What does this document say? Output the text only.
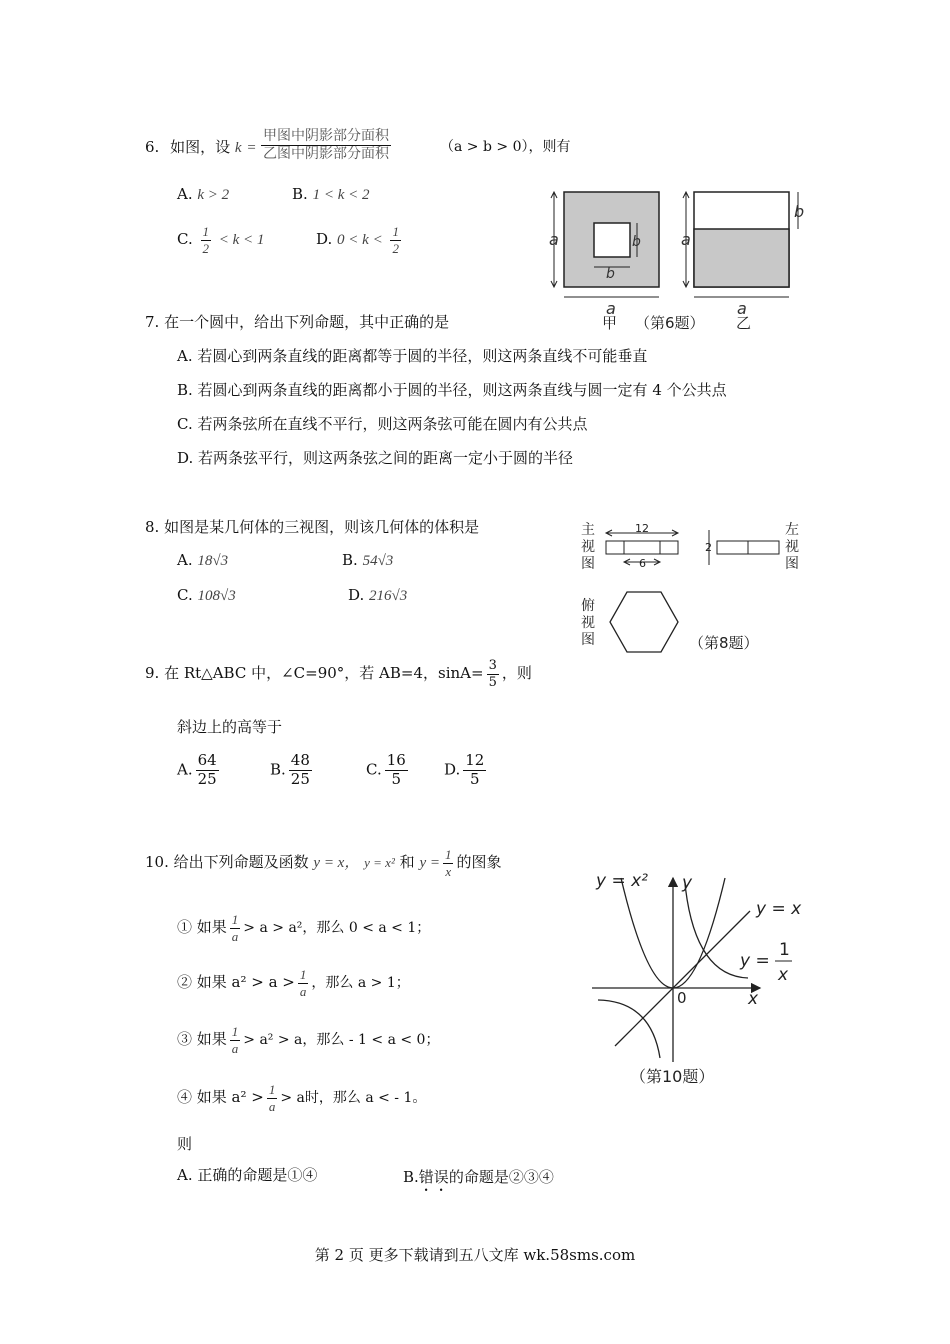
6. 如图，设 $k = \frac{\text{甲图中阴影部分面积}}{\text{乙图中阴影部分面积}}$	（a > b > 0），则有
A. k > 2	B. 1 < k < 2
C. $\frac{1}{2} < k < 1$	D. $0 < k < \frac{1}{2}$	a
a
b
b	a
a
b
甲 （第6题） 乙
7. 在一个圆中，给出下列命题，其中正确的是
A. 若圆心到两条直线的距离都等于圆的半径，则这两条直线不可能垂直
B. 若圆心到两条直线的距离都小于圆的半径，则这两条直线与圆一定有 4 个公共点
C. 若两条弦所在直线不平行，则这两条弦可能在圆内有公共点
D. 若两条弦平行，则这两条弦之间的距离一定小于圆的半径
8. 如图是某几何体的三视图，则该几何体的体积是
A. 18√3	B. 54√3
C. 108√3	D. 216√3
主
视
图
12
6
2
左
视
图
俯
视
图	（第8题）
9. 在 Rt△ABC 中，∠C=90°，若 AB=4，$\sin A= \frac{3}{5}$ ，则
斜边上的高等于
A. $\frac{64}{25}$	B. $\frac{48}{25}$	C. $\frac{16}{5} D$. $\frac{12}{5}$
10. 给出下列命题及函数 y = x， y = x² 和 $y = \frac{1}{x}$ 的图象
① 如果 $\frac{1}{a} > a > a^2$，那么 0 < a < 1；
② 如果 $a^2 > a > \frac{1}{a}$ ，那么 a > 1；
③ 如果 $\frac{1}{a} > a^2 > a$，那么 - 1 < a < 0；
④ 如果 $a^2 > \frac{1}{a} > a$时，那么 a < - 1。
则
A. 正确的命题是①④	B.错误的命题是②③④
y = x² y
y = x
y =
1
x
0	x
（第10题）
第 2 页 更多下载请到五八文库 wk.58sms.com
